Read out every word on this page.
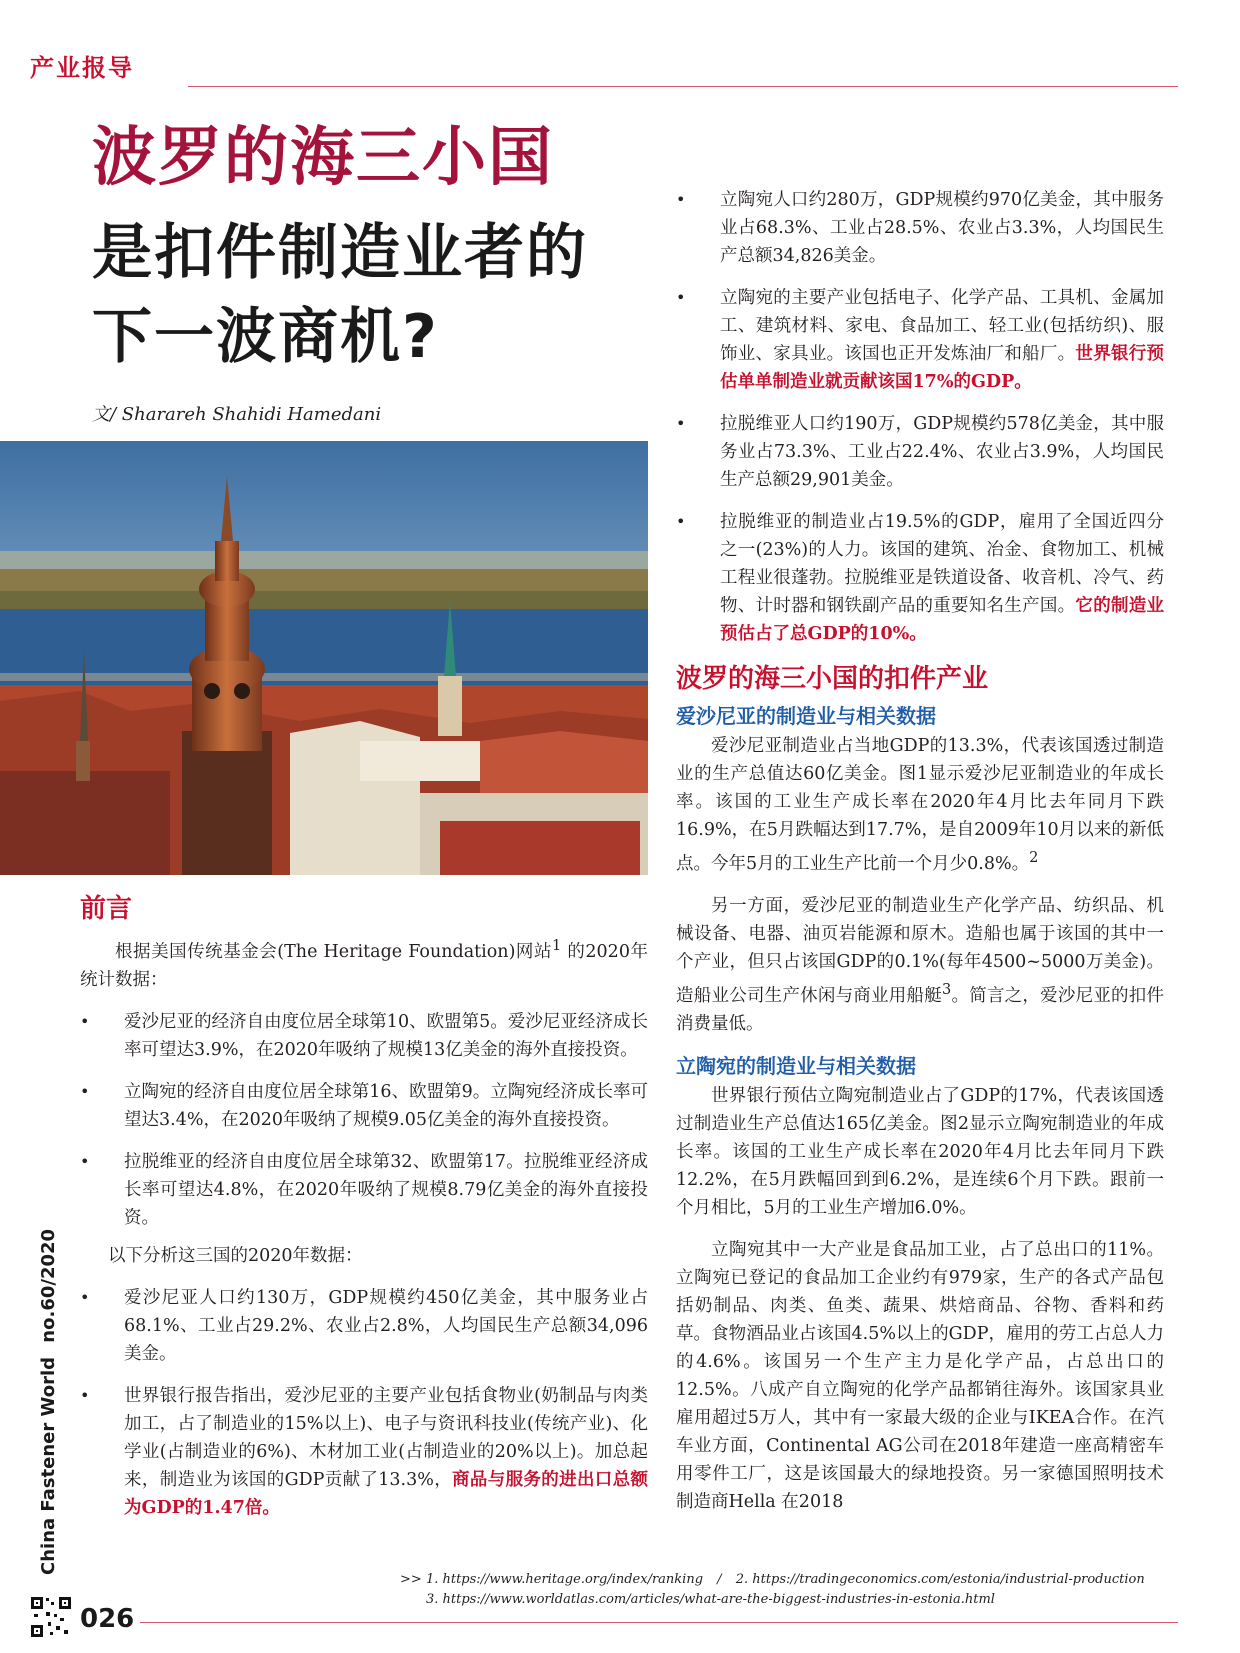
产业报导
波罗的海三小国
是扣件制造业者的
下一波商机?
文/ Sharareh Shahidi Hamedani
前言

根据美国传统基金会(The Heritage Foundation)网站$^1$ 的2020年统计数据：

• 爱沙尼亚的经济自由度位居全球第10、欧盟第5。爱沙尼亚经济成长率可望达3.9%，在2020年吸纳了规模13亿美金的海外直接投资。
• 立陶宛的经济自由度位居全球第16、欧盟第9。立陶宛经济成长率可望达3.4%，在2020年吸纳了规模9.05亿美金的海外直接投资。
• 拉脱维亚的经济自由度位居全球第32、欧盟第17。拉脱维亚经济成长率可望达4.8%，在2020年吸纳了规模8.79亿美金的海外直接投资。

以下分析这三国的2020年数据：

• 爱沙尼亚人口约130万，GDP规模约450亿美金，其中服务业占68.1%、工业占29.2%、农业占2.8%，人均国民生产总额34,096美金。
• 世界银行报告指出，爱沙尼亚的主要产业包括食物业(奶制品与肉类加工，占了制造业的15%以上)、电子与资讯科技业(传统产业)、化学业(占制造业的6%)、木材加工业(占制造业的20%以上)。加总起来，制造业为该国的GDP贡献了13.3%，商品与服务的进出口总额为GDP的1.47倍。
• 立陶宛人口约280万，GDP规模约970亿美金，其中服务业占68.3%、工业占28.5%、农业占3.3%，人均国民生产总额34,826美金。
• 立陶宛的主要产业包括电子、化学产品、工具机、金属加工、建筑材料、家电、食品加工、轻工业(包括纺织)、服饰业、家具业。该国也正开发炼油厂和船厂。世界银行预估单单制造业就贡献该国17%的GDP。
• 拉脱维亚人口约190万，GDP规模约578亿美金，其中服务业占73.3%、工业占22.4%、农业占3.9%，人均国民生产总额29,901美金。
• 拉脱维亚的制造业占19.5%的GDP，雇用了全国近四分之一(23%)的人力。该国的建筑、冶金、食物加工、机械工程业很蓬勃。拉脱维亚是铁道设备、收音机、冷气、药物、计时器和钢铁副产品的重要知名生产国。它的制造业预估占了总GDP的10%。
波罗的海三小国的扣件产业
爱沙尼亚的制造业与相关数据

爱沙尼亚制造业占当地GDP的13.3%，代表该国透过制造业的生产总值达60亿美金。图1显示爱沙尼亚制造业的年成长率。该国的工业生产成长率在2020年4月比去年同月下跌16.9%，在5月跌幅达到17.7%，是自2009年10月以来的新低点。今年5月的工业生产比前一个月少0.8%。$^2$

另一方面，爱沙尼亚的制造业生产化学产品、纺织品、机械设备、电器、油页岩能源和原木。造船也属于该国的其中一个产业，但只占该国GDP的0.1%(每年4500~5000万美金)。造船业公司生产休闲与商业用船艇$^3$。简言之，爱沙尼亚的扣件消费量低。

立陶宛的制造业与相关数据

世界银行预估立陶宛制造业占了GDP的17%，代表该国透过制造业生产总值达165亿美金。图2显示立陶宛制造业的年成长率。该国的工业生产成长率在2020年4月比去年同月下跌12.2%，在5月跌幅回到到6.2%，是连续6个月下跌。跟前一个月相比，5月的工业生产增加6.0%。

立陶宛其中一大产业是食品加工业，占了总出口的11%。立陶宛已登记的食品加工企业约有979家，生产的各式产品包括奶制品、肉类、鱼类、蔬果、烘焙商品、谷物、香料和药草。食物酒品业占该国4.5%以上的GDP，雇用的劳工占总人力的4.6%。该国另一个生产主力是化学产品，占总出口的12.5%。八成产自立陶宛的化学产品都销往海外。该国家具业雇用超过5万人，其中有一家最大级的企业与IKEA合作。在汽车业方面，Continental AG公司在2018年建造一座高精密车用零件工厂，这是该国最大的绿地投资。另一家德国照明技术制造商Hella 在2018

>> 1. https://www.heritage.org/index/ranking / 2. https://tradingeconomics.com/estonia/industrial-production
3. https://www.worldatlas.com/articles/what-are-the-biggest-industries-in-estonia.html
China Fastener World no.60/2020
026
